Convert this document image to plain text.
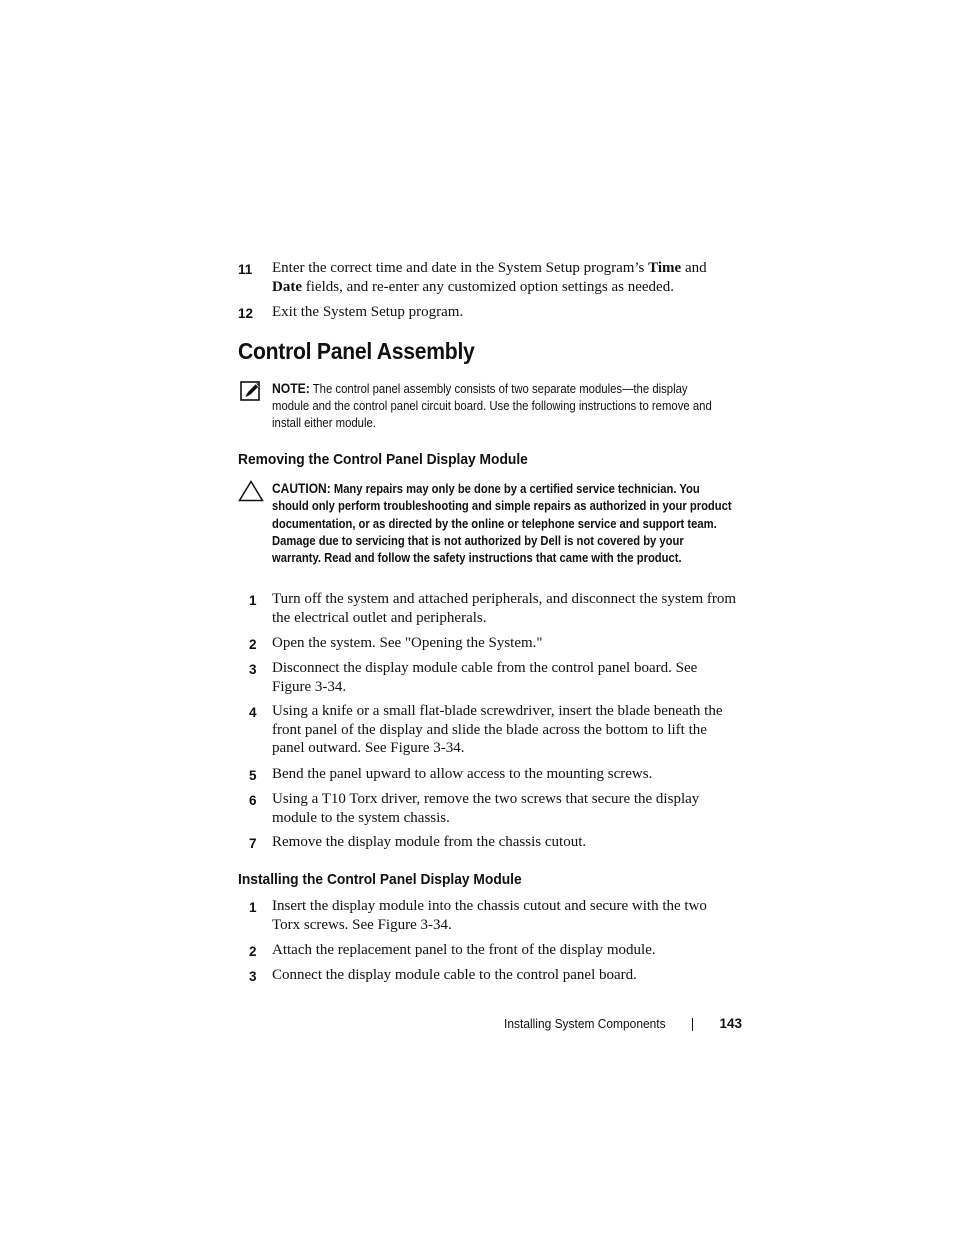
11	Enter the correct time and date in the System Setup program’s Time and Date fields, and re-enter any customized option settings as needed.
12	Exit the System Setup program.
Control Panel Assembly
NOTE: The control panel assembly consists of two separate modules—the display module and the control panel circuit board. Use the following instructions to remove and install either module.
Removing the Control Panel Display Module
CAUTION: Many repairs may only be done by a certified service technician. You should only perform troubleshooting and simple repairs as authorized in your product documentation, or as directed by the online or telephone service and support team. Damage due to servicing that is not authorized by Dell is not covered by your warranty. Read and follow the safety instructions that came with the product.
1	Turn off the system and attached peripherals, and disconnect the system from the electrical outlet and peripherals.
2	Open the system. See "Opening the System."
3	Disconnect the display module cable from the control panel board. See Figure 3-34.
4	Using a knife or a small flat-blade screwdriver, insert the blade beneath the front panel of the display and slide the blade across the bottom to lift the panel outward. See Figure 3-34.
5	Bend the panel upward to allow access to the mounting screws.
6	Using a T10 Torx driver, remove the two screws that secure the display module to the system chassis.
7	Remove the display module from the chassis cutout.
Installing the Control Panel Display Module
1	Insert the display module into the chassis cutout and secure with the two Torx screws. See Figure 3-34.
2	Attach the replacement panel to the front of the display module.
3	Connect the display module cable to the control panel board.
Installing System Components	143
